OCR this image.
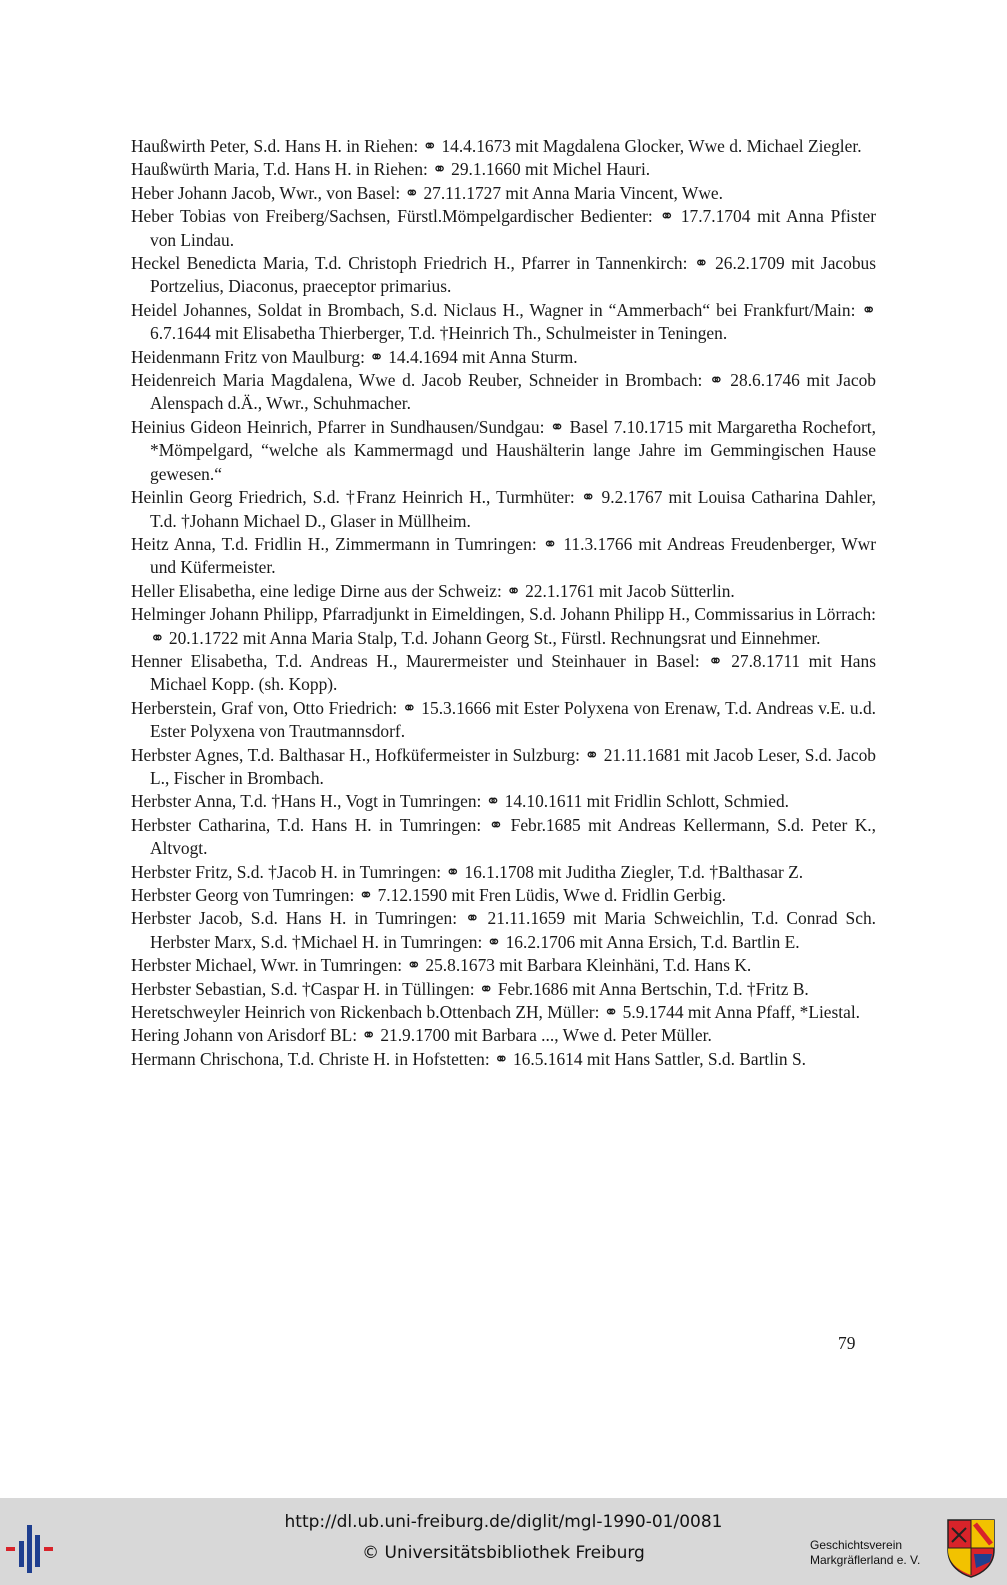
Haußwirth Peter, S.d. Hans H. in Riehen: ⚭ 14.4.1673 mit Magdalena Glocker, Wwe d. Michael Ziegler.
Haußwürth Maria, T.d. Hans H. in Riehen: ⚭ 29.1.1660 mit Michel Hauri.
Heber Johann Jacob, Wwr., von Basel: ⚭ 27.11.1727 mit Anna Maria Vincent, Wwe.
Heber Tobias von Freiberg/Sachsen, Fürstl.Mömpelgardischer Bedienter: ⚭ 17.7.1704 mit Anna Pfister von Lindau.
Heckel Benedicta Maria, T.d. Christoph Friedrich H., Pfarrer in Tannenkirch: ⚭ 26.2.1709 mit Jacobus Portzelius, Diaconus, praeceptor primarius.
Heidel Johannes, Soldat in Brombach, S.d. Niclaus H., Wagner in “Ammerbach“ bei Frankfurt/Main: ⚭ 6.7.1644 mit Elisabetha Thierberger, T.d. †Heinrich Th., Schulmeister in Teningen.
Heidenmann Fritz von Maulburg: ⚭ 14.4.1694 mit Anna Sturm.
Heidenreich Maria Magdalena, Wwe d. Jacob Reuber, Schneider in Brombach: ⚭ 28.6.1746 mit Jacob Alenspach d.Ä., Wwr., Schuhmacher.
Heinius Gideon Heinrich, Pfarrer in Sundhausen/Sundgau: ⚭ Basel 7.10.1715 mit Margaretha Rochefort, *Mömpelgard, “welche als Kammermagd und Haushälterin lange Jahre im Gemmingischen Hause gewesen.“
Heinlin Georg Friedrich, S.d. †Franz Heinrich H., Turmhüter: ⚭ 9.2.1767 mit Louisa Catharina Dahler, T.d. †Johann Michael D., Glaser in Müllheim.
Heitz Anna, T.d. Fridlin H., Zimmermann in Tumringen: ⚭ 11.3.1766 mit Andreas Freudenberger, Wwr und Küfermeister.
Heller Elisabetha, eine ledige Dirne aus der Schweiz: ⚭ 22.1.1761 mit Jacob Sütterlin.
Helminger Johann Philipp, Pfarradjunkt in Eimeldingen, S.d. Johann Philipp H., Commissarius in Lörrach: ⚭ 20.1.1722 mit Anna Maria Stalp, T.d. Johann Georg St., Fürstl. Rechnungsrat und Einnehmer.
Henner Elisabetha, T.d. Andreas H., Maurermeister und Steinhauer in Basel: ⚭ 27.8.1711 mit Hans Michael Kopp. (sh. Kopp).
Herberstein, Graf von, Otto Friedrich: ⚭ 15.3.1666 mit Ester Polyxena von Erenaw, T.d. Andreas v.E. u.d. Ester Polyxena von Trautmannsdorf.
Herbster Agnes, T.d. Balthasar H., Hofküfermeister in Sulzburg: ⚭ 21.11.1681 mit Jacob Leser, S.d. Jacob L., Fischer in Brombach.
Herbster Anna, T.d. †Hans H., Vogt in Tumringen: ⚭ 14.10.1611 mit Fridlin Schlott, Schmied.
Herbster Catharina, T.d. Hans H. in Tumringen: ⚭ Febr.1685 mit Andreas Kellermann, S.d. Peter K., Altvogt.
Herbster Fritz, S.d. †Jacob H. in Tumringen: ⚭ 16.1.1708 mit Juditha Ziegler, T.d. †Balthasar Z.
Herbster Georg von Tumringen: ⚭ 7.12.1590 mit Fren Lüdis, Wwe d. Fridlin Gerbig.
Herbster Jacob, S.d. Hans H. in Tumringen: ⚭ 21.11.1659 mit Maria Schweichlin, T.d. Conrad Sch. Herbster Marx, S.d. †Michael H. in Tumringen: ⚭ 16.2.1706 mit Anna Ersich, T.d. Bartlin E.
Herbster Michael, Wwr. in Tumringen: ⚭ 25.8.1673 mit Barbara Kleinhäni, T.d. Hans K.
Herbster Sebastian, S.d. †Caspar H. in Tüllingen: ⚭ Febr.1686 mit Anna Bertschin, T.d. †Fritz B.
Heretschweyler Heinrich von Rickenbach b.Ottenbach ZH, Müller: ⚭ 5.9.1744 mit Anna Pfaff, *Liestal.
Hering Johann von Arisdorf BL: ⚭ 21.9.1700 mit Barbara ..., Wwe d. Peter Müller.
Hermann Chrischona, T.d. Christe H. in Hofstetten: ⚭ 16.5.1614 mit Hans Sattler, S.d. Bartlin S.
79
http://dl.ub.uni-freiburg.de/diglit/mgl-1990-01/0081
© Universitätsbibliothek Freiburg	Geschichtsverein
Markgräflerland e. V.
